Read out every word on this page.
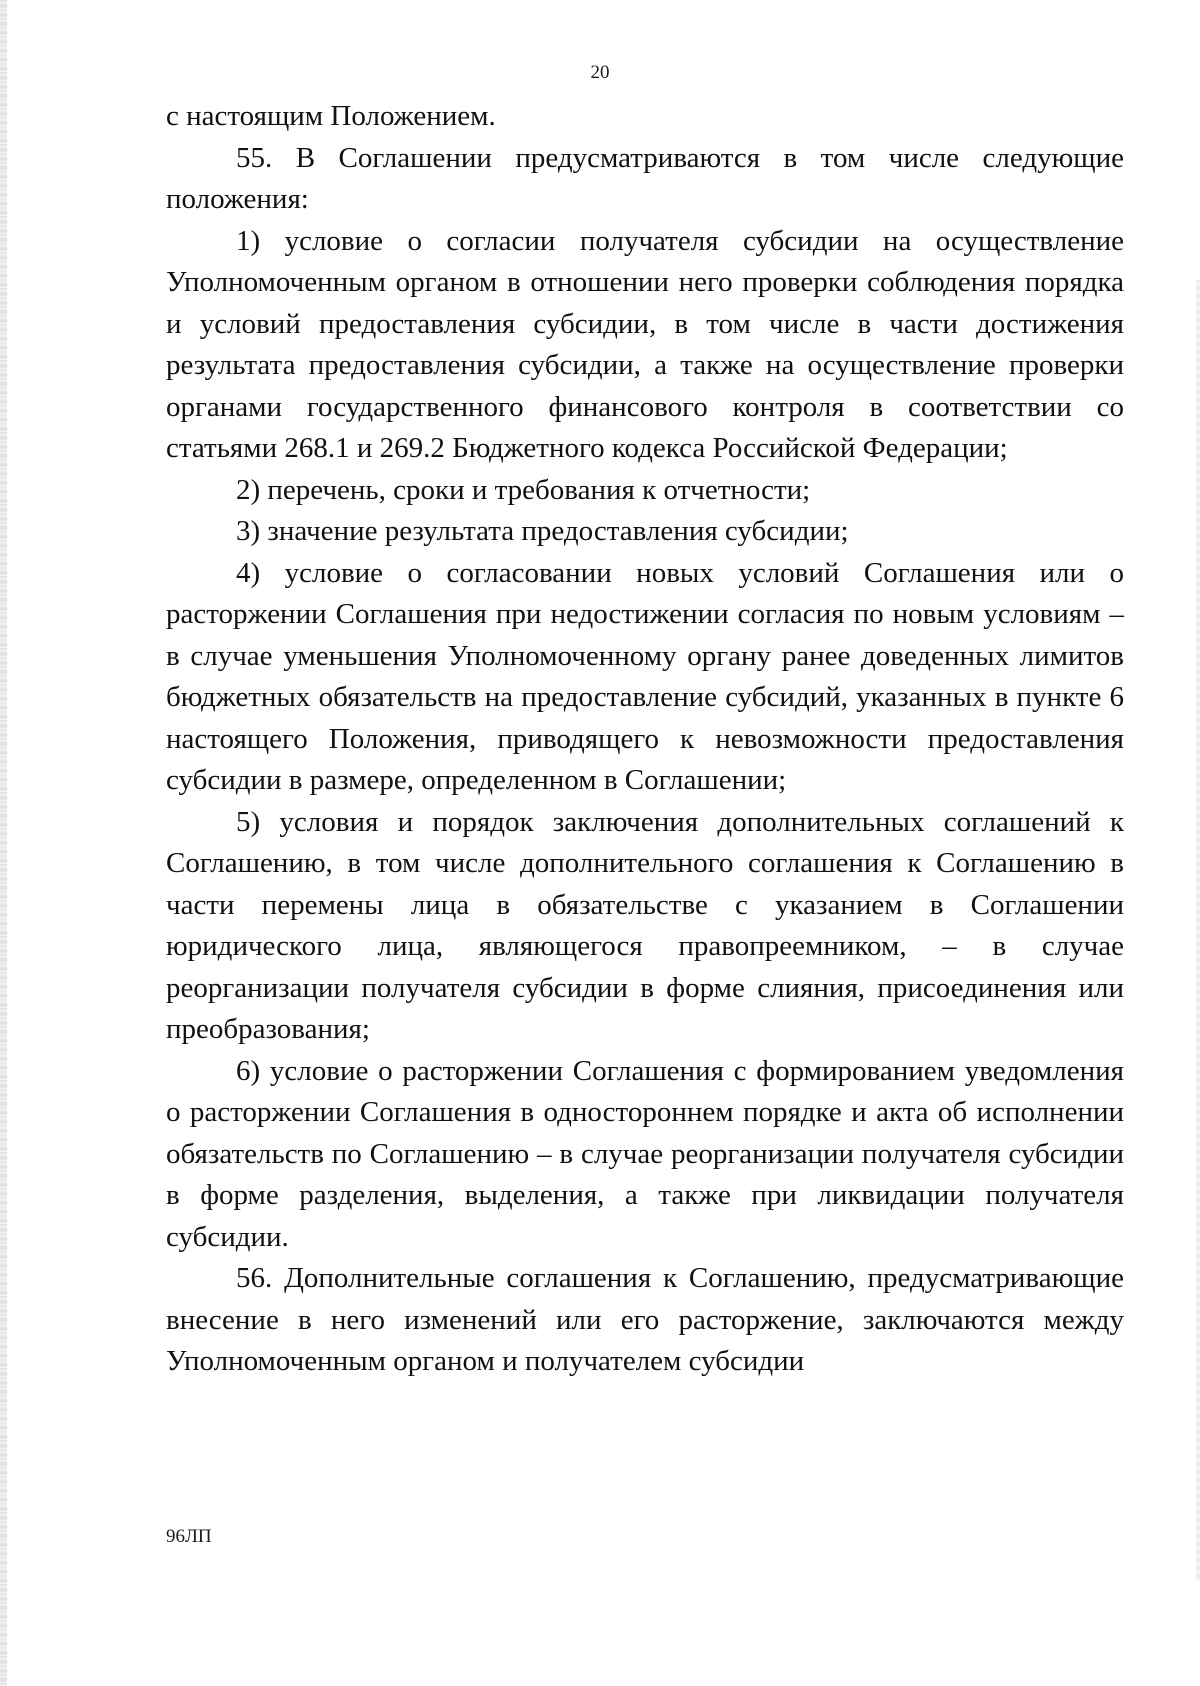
20

с настоящим Положением.

55. В Соглашении предусматриваются в том числе следующие положения:

1) условие о согласии получателя субсидии на осуществление Уполномоченным органом в отношении него проверки соблюдения порядка и условий предоставления субсидии, в том числе в части достижения результата предоставления субсидии, а также на осуществление проверки органами государственного финансового контроля в соответствии со статьями 268.1 и 269.2 Бюджетного кодекса Российской Федерации;

2) перечень, сроки и требования к отчетности;

3) значение результата предоставления субсидии;

4) условие о согласовании новых условий Соглашения или о расторжении Соглашения при недостижении согласия по новым условиям – в случае уменьшения Уполномоченному органу ранее доведенных лимитов бюджетных обязательств на предоставление субсидий, указанных в пункте 6 настоящего Положения, приводящего к невозможности предоставления субсидии в размере, определенном в Соглашении;

5) условия и порядок заключения дополнительных соглашений к Соглашению, в том числе дополнительного соглашения к Соглашению в части перемены лица в обязательстве с указанием в Соглашении юридического лица, являющегося правопреемником, – в случае реорганизации получателя субсидии в форме слияния, присоединения или преобразования;

6) условие о расторжении Соглашения с формированием уведомления о расторжении Соглашения в одностороннем порядке и акта об исполнении обязательств по Соглашению – в случае реорганизации получателя субсидии в форме разделения, выделения, а также при ликвидации получателя субсидии.

56. Дополнительные соглашения к Соглашению, предусматривающие внесение в него изменений или его расторжение, заключаются между Уполномоченным органом и получателем субсидии

96ЛП
